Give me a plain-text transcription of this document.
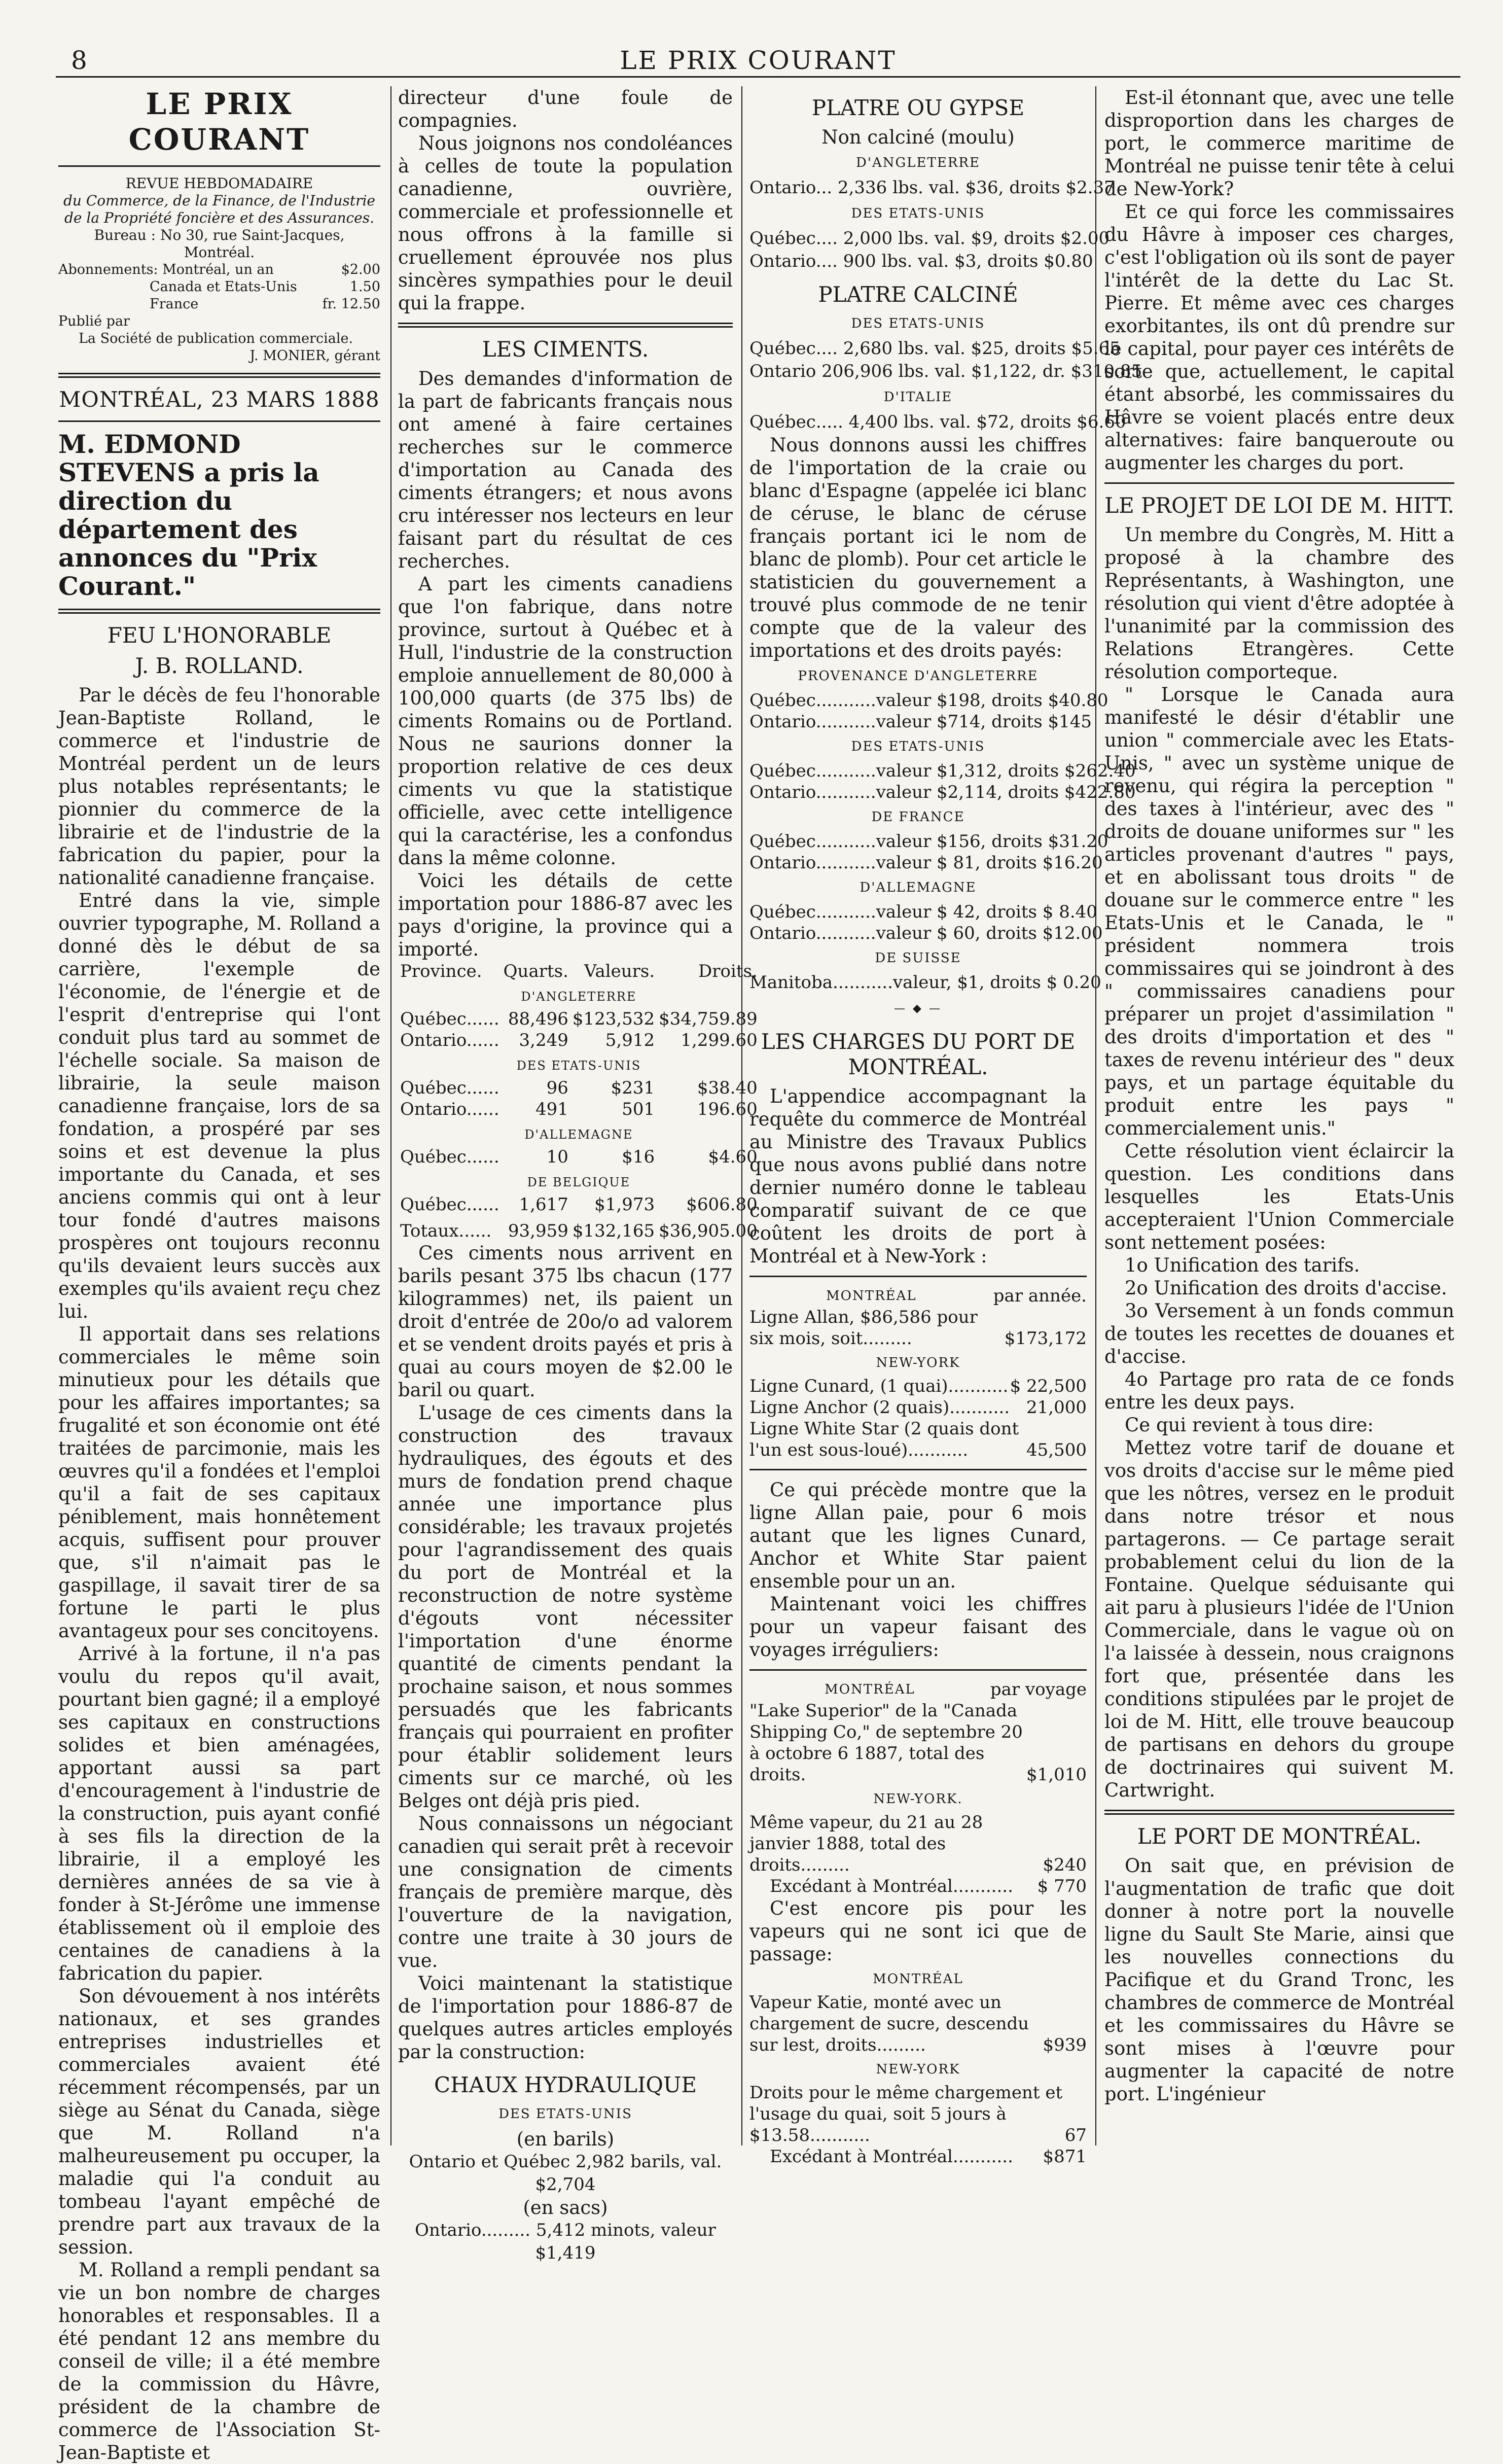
8	LE PRIX COURANT
LE PRIX COURANT
REVUE HEBDOMADAIRE
du Commerce, de la Finance, de l'Industrie
de la Propriété foncière et des Assurances.
Bureau : No 30, rue Saint-Jacques,
Montréal.
Abonnements: Montréal, un an	$2.00
Canada et Etats-Unis	1.50
France	fr. 12.50
Publié par
La Société de publication commerciale.
J. MONIER, gérant

MONTRÉAL, 23 MARS 1888

M. EDMOND STEVENS a pris la direction du département des annonces du "Prix Courant."

FEU L'HONORABLE

J. B. ROLLAND.

Par le décès de feu l'honorable Jean-Baptiste Rolland, le commerce et l'industrie de Montréal perdent un de leurs plus notables représentants; le pionnier du commerce de la librairie et de l'industrie de la fabrication du papier, pour la nationalité canadienne française.

Entré dans la vie, simple ouvrier typographe, M. Rolland a donné dès le début de sa carrière, l'exemple de l'économie, de l'énergie et de l'esprit d'entreprise qui l'ont conduit plus tard au sommet de l'échelle sociale. Sa maison de librairie, la seule maison canadienne française, lors de sa fondation, a prospéré par ses soins et est devenue la plus importante du Canada, et ses anciens commis qui ont à leur tour fondé d'autres maisons prospères ont toujours reconnu qu'ils devaient leurs succès aux exemples qu'ils avaient reçu chez lui.

Il apportait dans ses relations commerciales le même soin minutieux pour les détails que pour les affaires importantes; sa frugalité et son économie ont été traitées de parcimonie, mais les œuvres qu'il a fondées et l'emploi qu'il a fait de ses capitaux péniblement, mais honnêtement acquis, suffisent pour prouver que, s'il n'aimait pas le gaspillage, il savait tirer de sa fortune le parti le plus avantageux pour ses concitoyens.

Arrivé à la fortune, il n'a pas voulu du repos qu'il avait, pourtant bien gagné; il a employé ses capitaux en constructions solides et bien aménagées, apportant aussi sa part d'encouragement à l'industrie de la construction, puis ayant confié à ses fils la direction de la librairie, il a employé les dernières années de sa vie à fonder à St-Jérôme une immense établissement où il emploie des centaines de canadiens à la fabrication du papier.

Son dévouement à nos intérêts nationaux, et ses grandes entreprises industrielles et commerciales avaient été récemment récompensés, par un siège au Sénat du Canada, siège que M. Rolland n'a malheureusement pu occuper, la maladie qui l'a conduit au tombeau l'ayant empêché de prendre part aux travaux de la session.

M. Rolland a rempli pendant sa vie un bon nombre de charges honorables et responsables. Il a été pendant 12 ans membre du conseil de ville; il a été membre de la commission du Hâvre, président de la chambre de commerce de l'Association St-Jean-Baptiste et

directeur d'une foule de compagnies.

Nous joignons nos condoléances à celles de toute la population canadienne, ouvrière, commerciale et professionnelle et nous offrons à la famille si cruellement éprouvée nos plus sincères sympathies pour le deuil qui la frappe.

LES CIMENTS.

Des demandes d'information de la part de fabricants français nous ont amené à faire certaines recherches sur le commerce d'importation au Canada des ciments étrangers; et nous avons cru intéresser nos lecteurs en leur faisant part du résultat de ces recherches.

A part les ciments canadiens que l'on fabrique, dans notre province, surtout à Québec et à Hull, l'industrie de la construction emploie annuellement de 80,000 à 100,000 quarts (de 375 lbs) de ciments Romains ou de Portland. Nous ne saurions donner la proportion relative de ces deux ciments vu que la statistique officielle, avec cette intelligence qui la caractérise, les a confondus dans la même colonne.

Voici les détails de cette importation pour 1886-87 avec les pays d'origine, la province qui a importé.

Province.	Quarts.	Valeurs.	Droits.
D'ANGLETERRE			
Québec......	88,496	$123,532	$34,759.89
Ontario......	3,249	5,912	1,299.60
DES ETATS-UNIS			
Québec......	96	$231	$38.40
Ontario......	491	501	196.60
D'ALLEMAGNE			
Québec......	10	$16	$4.60
DE BELGIQUE			
Québec......	1,617	$1,973	$606.80
Totaux......	93,959	$132,165	$36,905.00

Ces ciments nous arrivent en barils pesant 375 lbs chacun (177 kilogrammes) net, ils paient un droit d'entrée de 20o/o ad valorem et se vendent droits payés et pris à quai au cours moyen de $2.00 le baril ou quart.

L'usage de ces ciments dans la construction des travaux hydrauliques, des égouts et des murs de fondation prend chaque année une importance plus considérable; les travaux projetés pour l'agrandissement des quais du port de Montréal et la reconstruction de notre système d'égouts vont nécessiter l'importation d'une énorme quantité de ciments pendant la prochaine saison, et nous sommes persuadés que les fabricants français qui pourraient en profiter pour établir solidement leurs ciments sur ce marché, où les Belges ont déjà pris pied.

Nous connaissons un négociant canadien qui serait prêt à recevoir une consignation de ciments français de première marque, dès l'ouverture de la navigation, contre une traite à 30 jours de vue.

Voici maintenant la statistique de l'importation pour 1886-87 de quelques autres articles employés par la construction:

CHAUX HYDRAULIQUE

DES ETATS-UNIS

(en barils)

Ontario et Québec 2,982 barils, val. $2,704

(en sacs)

Ontario......... 5,412 minots, valeur $1,419

PLATRE OU GYPSE

Non calciné (moulu)

D'ANGLETERRE

Ontario... 2,336 lbs. val. $36, droits $2.37

DES ETATS-UNIS

Québec.... 2,000 lbs. val. $9, droits $2.00

Ontario.... 900 lbs. val. $3, droits $0.80

PLATRE CALCINÉ

DES ETATS-UNIS

Québec.... 2,680 lbs. val. $25, droits $5.65

Ontario 206,906 lbs. val. $1,122, dr. $310.85

D'ITALIE

Québec..... 4,400 lbs. val. $72, droits $6.60

Nous donnons aussi les chiffres de l'importation de la craie ou blanc d'Espagne (appelée ici blanc de céruse, le blanc de céruse français portant ici le nom de blanc de plomb). Pour cet article le statisticien du gouvernement a trouvé plus commode de ne tenir compte que de la valeur des importations et des droits payés:

PROVENANCE D'ANGLETERRE

Québec........... valeur $198, droits $40.80
Ontario........... valeur $714, droits $145

DES ETATS-UNIS

Québec........... valeur $1,312, droits $262.40
Ontario........... valeur $2,114, droits $422.80

DE FRANCE

Québec........... valeur $156, droits $31.20
Ontario........... valeur $ 81, droits $16.20

D'ALLEMAGNE

Québec........... valeur $ 42, droits $ 8.40
Ontario........... valeur $ 60, droits $12.00

DE SUISSE

Manitoba........... valeur, $1, droits $ 0.20
— ◆ —

LES CHARGES DU PORT DE MONTRÉAL.

L'appendice accompagnant la requête du commerce de Montréal au Ministre des Travaux Publics que nous avons publié dans notre dernier numéro donne le tableau comparatif suivant de ce que coûtent les droits de port à Montréal et à New-York :

MONTRÉAL	par année.
Ligne Allan, $86,586 pour six mois, soit.........	$173,172

NEW-YORK

Ligne Cunard, (1 quai)........... $ 22,500
Ligne Anchor (2 quais)........... 21,000
Ligne White Star (2 quais dont l'un est sous-loué)...........	45,500

Ce qui précède montre que la ligne Allan paie, pour 6 mois autant que les lignes Cunard, Anchor et White Star paient ensemble pour un an.

Maintenant voici les chiffres pour un vapeur faisant des voyages irréguliers:

MONTRÉAL	par voyage
"Lake Superior" de la "Canada Shipping Co," de septembre 20 à octobre 6 1887, total des droits.	$1,010

NEW-YORK.

Même vapeur, du 21 au 28 janvier 1888, total des droits.........	$240
Excédant à Montréal...........	$ 770

C'est encore pis pour les vapeurs qui ne sont ici que de passage:

MONTRÉAL

Vapeur Katie, monté avec un chargement de sucre, descendu sur lest, droits.........	$939

NEW-YORK

Droits pour le même chargement et l'usage du quai, soit 5 jours à $13.58...........	67
Excédant à Montréal...........	$871

Est-il étonnant que, avec une telle disproportion dans les charges de port, le commerce maritime de Montréal ne puisse tenir tête à celui de New-York?

Et ce qui force les commissaires du Hâvre à imposer ces charges, c'est l'obligation où ils sont de payer l'intérêt de la dette du Lac St. Pierre. Et même avec ces charges exorbitantes, ils ont dû prendre sur le capital, pour payer ces intérêts de sorte que, actuellement, le capital étant absorbé, les commissaires du Hâvre se voient placés entre deux alternatives: faire banqueroute ou augmenter les charges du port.

LE PROJET DE LOI DE M. HITT.

Un membre du Congrès, M. Hitt a proposé à la chambre des Représentants, à Washington, une résolution qui vient d'être adoptée à l'unanimité par la commission des Relations Etrangères. Cette résolution comporteque.

" Lorsque le Canada aura manifesté le désir d'établir une union " commerciale avec les Etats-Unis, " avec un système unique de revenu, qui régira la perception " des taxes à l'intérieur, avec des " droits de douane uniformes sur " les articles provenant d'autres " pays, et en abolissant tous droits " de douane sur le commerce entre " les Etats-Unis et le Canada, le " président nommera trois commissaires qui se joindront à des " commissaires canadiens pour préparer un projet d'assimilation " des droits d'importation et des " taxes de revenu intérieur des " deux pays, et un partage équitable du produit entre les pays " commercialement unis."

Cette résolution vient éclaircir la question. Les conditions dans lesquelles les Etats-Unis accepteraient l'Union Commerciale sont nettement posées:

1o Unification des tarifs.

2o Unification des droits d'accise.

3o Versement à un fonds commun de toutes les recettes de douanes et d'accise.

4o Partage pro rata de ce fonds entre les deux pays.

Ce qui revient à tous dire:

Mettez votre tarif de douane et vos droits d'accise sur le même pied que les nôtres, versez en le produit dans notre trésor et nous partagerons. — Ce partage serait probablement celui du lion de la Fontaine. Quelque séduisante qui ait paru à plusieurs l'idée de l'Union Commerciale, dans le vague où on l'a laissée à dessein, nous craignons fort que, présentée dans les conditions stipulées par le projet de loi de M. Hitt, elle trouve beaucoup de partisans en dehors du groupe de doctrinaires qui suivent M. Cartwright.

LE PORT DE MONTRÉAL.

On sait que, en prévision de l'augmentation de trafic que doit donner à notre port la nouvelle ligne du Sault Ste Marie, ainsi que les nouvelles connections du Pacifique et du Grand Tronc, les chambres de commerce de Montréal et les commissaires du Hâvre se sont mises à l'œuvre pour augmenter la capacité de notre port. L'ingénieur
